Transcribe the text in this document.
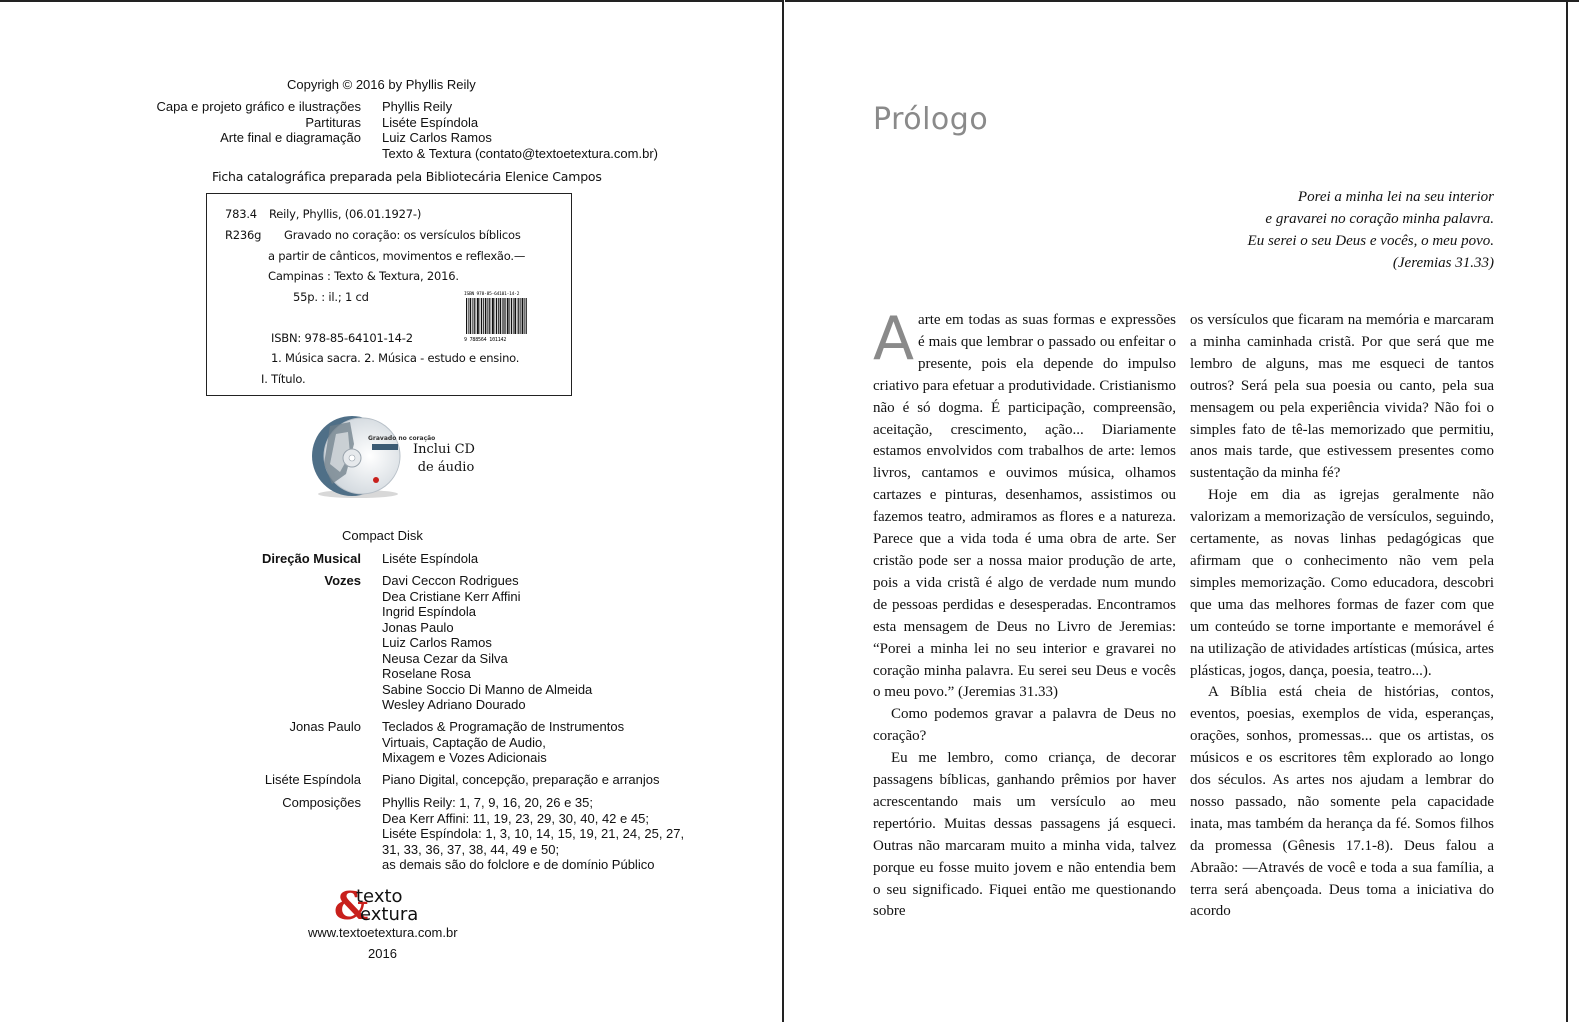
Copyrigh © 2016 by Phyllis Reily
Capa e projeto gráfico e ilustrações Phyllis Reily
Partituras Liséte Espíndola
Arte final e diagramação Luiz Carlos Ramos
Texto & Textura (contato@textoetextura.com.br)
Ficha catalográfica preparada pela Bibliotecária Elenice Campos
783.4 Reily, Phyllis, (06.01.1927-)
R236g Gravado no coração: os versículos bíblicos
a partir de cânticos, movimentos e reflexão.—
Campinas : Texto & Textura, 2016.
55p. : il.; 1 cd
ISBN: 978-85-64101-14-2
1. Música sacra. 2. Música - estudo e ensino.
I. Título.
ISBN 978-85-64101-14-2
9 788564 101142
Gravado no coração
Inclui CD
de áudio
Compact Disk
Direção Musical Liséte Espíndola
Vozes Davi Ceccon Rodrigues
Dea Cristiane Kerr Affini
Ingrid Espíndola
Jonas Paulo
Luiz Carlos Ramos
Neusa Cezar da Silva
Roselane Rosa
Sabine Soccio Di Manno de Almeida
Wesley Adriano Dourado
Jonas Paulo Teclados & Programação de Instrumentos
Virtuais, Captação de Audio,
Mixagem e Vozes Adicionais
Liséte Espíndola Piano Digital, concepção, preparação e arranjos
Composições Phyllis Reily: 1, 7, 9, 16, 20, 26 e 35;
Dea Kerr Affini: 11, 19, 23, 29, 30, 40, 42 e 45;
Liséte Espíndola: 1, 3, 10, 14, 15, 19, 21, 24, 25, 27,
31, 33, 36, 37, 38, 44, 49 e 50;
as demais são do folclore e de domínio Público
&
texto
extura
www.textoetextura.com.br
2016
Prólogo
Porei a minha lei na seu interior
e gravarei no coração minha palavra.
Eu serei o seu Deus e vocês, o meu povo.
(Jeremias 31.33)

Aarte em todas as suas formas e expressões é mais que lembrar o passado ou enfeitar o presente, pois ela depende do impulso criativo para efetuar a produtividade. Cristianismo não é só dogma. É participação, compreensão, aceitação, crescimento, ação... Diariamente estamos envolvidos com trabalhos de arte: lemos livros, cantamos e ouvimos música, olhamos cartazes e pinturas, desenhamos, assistimos ou fazemos teatro, admiramos as flores e a natureza. Parece que a vida toda é uma obra de arte. Ser cristão pode ser a nossa maior produção de arte, pois a vida cristã é algo de verdade num mundo de pessoas perdidas e desesperadas. Encontramos esta mensagem de Deus no Livro de Jeremias: “Porei a minha lei no seu interior e gravarei no coração minha palavra. Eu serei seu Deus e vocês o meu povo.” (Jeremias 31.33)

Como podemos gravar a palavra de Deus no coração?

Eu me lembro, como criança, de decorar passagens bíblicas, ganhando prêmios por haver acrescentando mais um versículo ao meu repertório. Muitas dessas passagens já esqueci. Outras não marcaram muito a minha vida, talvez porque eu fosse muito jovem e não entendia bem o seu significado. Fiquei então me questionando sobre

os versículos que ficaram na memória e marcaram a minha caminhada cristã. Por que será que me lembro de alguns, mas me esqueci de tantos outros? Será pela sua poesia ou canto, pela sua mensagem ou pela experiência vivida? Não foi o simples fato de tê-las memorizado que permitiu, anos mais tarde, que estivessem presentes como sustentação da minha fé?

Hoje em dia as igrejas geralmente não valorizam a memorização de versículos, seguindo, certamente, as novas linhas pedagógicas que afirmam que o conhecimento não vem pela simples memorização. Como educadora, descobri que uma das melhores formas de fazer com que um conteúdo se torne importante e memorável é na utilização de atividades artísticas (música, artes plásticas, jogos, dança, poesia, teatro...).

A Bíblia está cheia de histórias, contos, eventos, poesias, exemplos de vida, esperanças, orações, sonhos, promessas... que os artistas, os músicos e os escritores têm explorado ao longo dos séculos. As artes nos ajudam a lembrar do nosso passado, não somente pela capacidade inata, mas também da herança da fé. Somos filhos da promessa (Gênesis 17.1-8). Deus falou a Abraão: —Através de você e toda a sua família, a terra será abençoada. Deus toma a iniciativa do acordo
